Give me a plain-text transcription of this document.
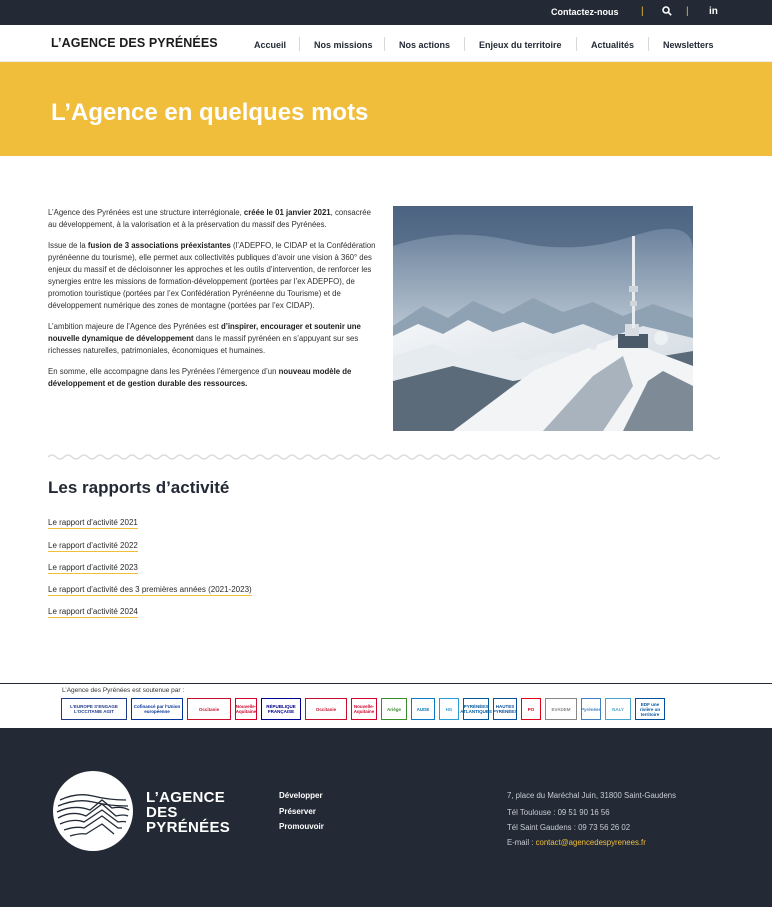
Contactez-nous |	| in
L’AGENCE DES PYRÉNÉES	Accueil	Nos missions	Nos actions	Enjeux du territoire	Actualités	Newsletters
L’Agence en quelques mots

L’Agence des Pyrénées est une structure interrégionale, créée le 01 janvier 2021, consacrée au développement, à la valorisation et à la préservation du massif des Pyrénées.

Issue de la fusion de 3 associations préexistantes (l’ADEPFO, le CIDAP et la Confédération pyrénéenne du tourisme), elle permet aux collectivités publiques d’avoir une vision à 360° des enjeux du massif et de décloisonner les approches et les outils d’intervention, de renforcer les synergies entre les missions de formation-développement (portées par l’ex ADEPFO), de promotion touristique (portées par l’ex Confédération Pyrénéenne du Tourisme) et de développement numérique des zones de montagne (portées par l’ex CIDAP).

L’ambition majeure de l’Agence des Pyrénées est d’inspirer, encourager et soutenir une nouvelle dynamique de développement dans le massif pyrénéen en s’appuyant sur ses richesses naturelles, patrimoniales, économiques et humaines.

En somme, elle accompagne dans les Pyrénées l’émergence d’un nouveau modèle de développement et de gestion durable des ressources.

Les rapports d’activité
Le rapport d’activité 2021
Le rapport d’activité 2022
Le rapport d’activité 2023
Le rapport d’activité des 3 premières années (2021-2023)
Le rapport d’activité 2024
L’Agence des Pyrénées est soutenue par :
L’EUROPE S’ENGAGE L’OCCITANIE AGIT
Cofinancé par l’Union européenne	Occitanie	Nouvelle-Aquitaine
RÉPUBLIQUE FRANÇAISE	Occitanie	Nouvelle-Aquitaine	Ariège	AUDE	HG	PYRÉNÉES ATLANTIQUES
HAUTES PYRÉNÉES	PO	EVADEM	Pyrénées	NALY
EDF une rivière un territoire
L’AGENCE
DES
PYRÉNÉES
Développer
Préserver
Promouvoir
7, place du Maréchal Juin, 31800 Saint-Gaudens
Tél Toulouse : 09 51 90 16 56
Tél Saint Gaudens : 09 73 56 26 02
E-mail : contact@agencedespyrenees.fr
